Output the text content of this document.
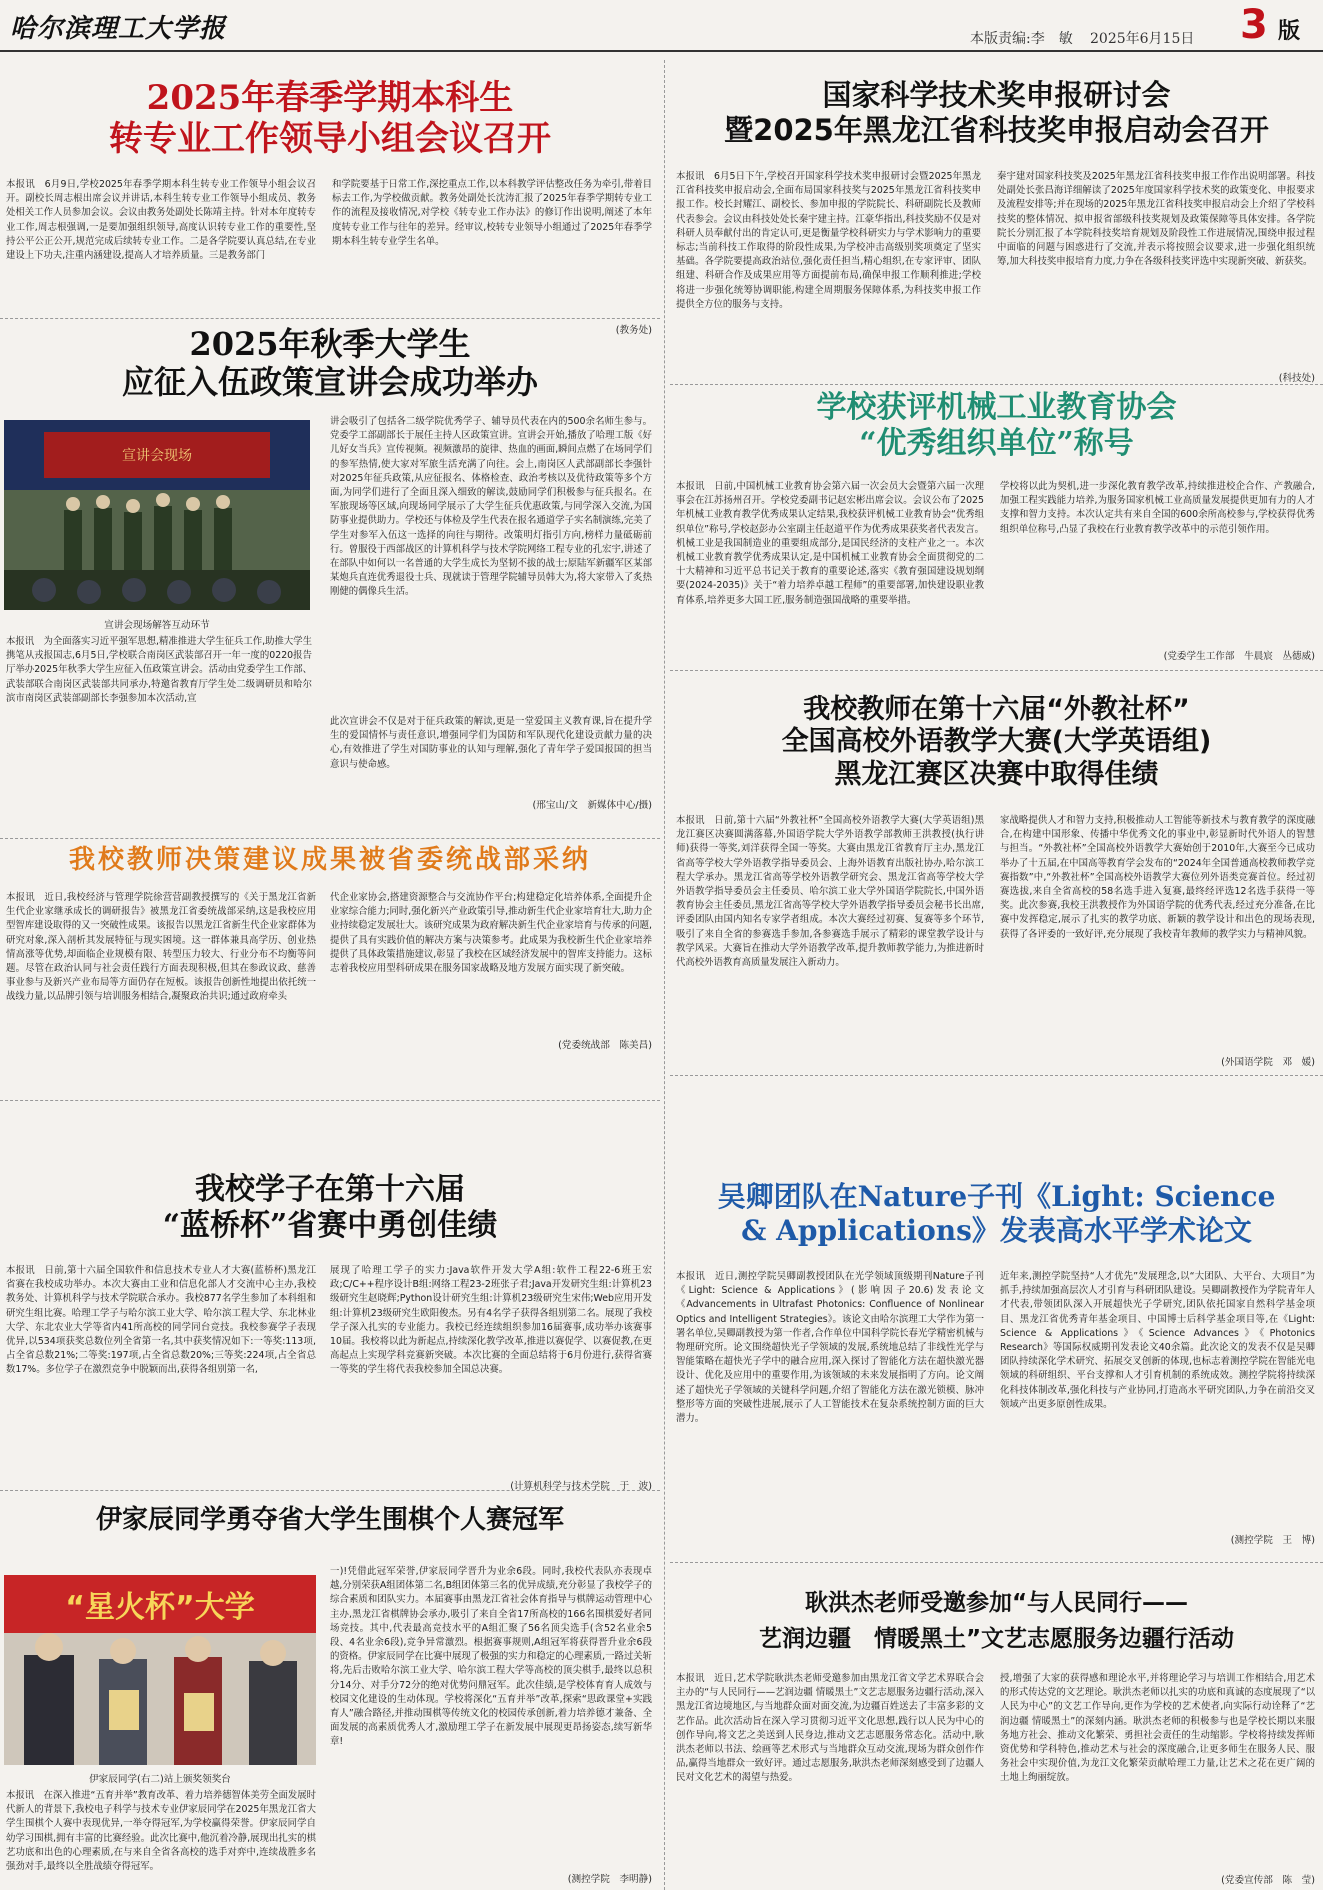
哈尔滨理工大学报	本版责编:李　敏 2025年6月15日 3 版
2025年春季学期本科生
转专业工作领导小组会议召开
本报讯　6月9日,学校2025年春季学期本科生转专业工作领导小组会议召开。副校长周志根出席会议并讲话,本科生转专业工作领导小组成员、教务处相关工作人员参加会议。会议由教务处副处长陈靖主持。针对本年度转专业工作,周志根强调,一是要加强组织领导,高度认识转专业工作的重要性,坚持公平公正公开,规范完成后续转专业工作。二是各学院要认真总结,在专业建设上下功夫,注重内涵建设,提高人才培养质量。三是教务部门
和学院要基于日常工作,深挖重点工作,以本科教学评估整改任务为牵引,带着目标去工作,为学校做贡献。教务处副处长沈涛汇报了2025年春季学期转专业工作的流程及接收情况,对学校《转专业工作办法》的修订作出说明,阐述了本年度转专业工作与往年的差异。经审议,校转专业领导小组通过了2025年春季学期本科生转专业学生名单。
(教务处)
国家科学技术奖申报研讨会
暨2025年黑龙江省科技奖申报启动会召开
本报讯　6月5日下午,学校召开国家科学技术奖申报研讨会暨2025年黑龙江省科技奖申报启动会,全面布局国家科技奖与2025年黑龙江省科技奖申报工作。校长封耀江、副校长、参加申报的学院院长、科研副院长及教师代表参会。会议由科技处处长秦宇建主持。江豪华指出,科技奖励不仅是对科研人员奉献付出的肯定认可,更是衡量学校科研实力与学术影响力的重要标志;当前科技工作取得的阶段性成果,为学校冲击高级别奖项奠定了坚实基础。各学院要提高政治站位,强化责任担当,精心组织,在专家评审、团队组建、科研合作及成果应用等方面提前布局,确保申报工作顺利推进;学校将进一步强化统筹协调职能,构建全周期服务保障体系,为科技奖申报工作提供全方位的服务与支持。
秦宇建对国家科技奖及2025年黑龙江省科技奖申报工作作出说明部署。科技处副处长张昌海详细解读了2025年度国家科学技术奖的政策变化、申报要求及流程安排等;并在现场的2025年黑龙江省科技奖申报启动会上介绍了学校科技奖的整体情况、拟申报省部级科技奖规划及政策保障等具体安排。各学院院长分别汇报了本学院科技奖培育规划及阶段性工作进展情况,围绕申报过程中面临的问题与困惑进行了交流,并表示将按照会议要求,进一步强化组织统筹,加大科技奖申报培育力度,力争在各级科技奖评选中实现新突破、新获奖。
(科技处)
2025年秋季大学生
应征入伍政策宣讲会成功举办
宣讲会现场
宣讲会现场解答互动环节
本报讯　为全面落实习近平强军思想,精准推进大学生征兵工作,助推大学生携笔从戎报国志,6月5日,学校联合南岗区武装部召开一年一度的0220报告厅举办2025年秋季大学生应征入伍政策宣讲会。活动由党委学生工作部、武装部联合南岗区武装部共同承办,特邀省教育厅学生处二级调研员和哈尔滨市南岗区武装部副部长李强参加本次活动,宣
讲会吸引了包括各二级学院优秀学子、辅导员代表在内的500余名师生参与。党委学工部副部长于展任主持人区政策宣讲。宣讲会开始,播放了哈理工版《好儿好女当兵》宣传视频。视频激昂的旋律、热血的画面,瞬间点燃了在场同学们的参军热情,使大家对军旅生活充满了向往。会上,南岗区人武部副部长李强针对2025年征兵政策,从应征报名、体格检查、政治考核以及优待政策等多个方面,为同学们进行了全面且深入细致的解读,鼓励同学们积极参与征兵报名。在军旅现场等区域,向现场同学展示了大学生征兵优惠政策,与同学深入交流,为国防事业提供助力。学校还与体检及学生代表在报名通道学子实名制演练,完美了学生对参军入伍这一选择的向往与期待。改策明灯指引方向,榜样力量砥砺前行。曾服役于西部战区的计算机科学与技术学院网络工程专业的孔宏宇,讲述了在部队中如何以一名普通的大学生成长为坚韧不拔的战士;原陆军新疆军区某部某炮兵直连优秀退役士兵、现就读于管理学院辅导员韩大为,将大家带入了炙热刚健的偶像兵生活。
此次宣讲会不仅是对于征兵政策的解读,更是一堂爱国主义教育课,旨在提升学生的爱国情怀与责任意识,增强同学们为国防和军队现代化建设贡献力量的决心,有效推进了学生对国防事业的认知与理解,强化了青年学子爱国报国的担当意识与使命感。
(邢宝山/文　新媒体中心/摄)
学校获评机械工业教育协会
“优秀组织单位”称号
本报讯　日前,中国机械工业教育协会第六届一次会员大会暨第六届一次理事会在江苏扬州召开。学校党委副书记赵宏彬出席会议。会议公布了2025年机械工业教育教学优秀成果认定结果,我校获评机械工业教育协会“优秀组织单位”称号,学校赵彭办公室副主任赵道平作为优秀成果获奖者代表发言。机械工业是我国制造业的重要组成部分,是国民经济的支柱产业之一。本次机械工业教育教学优秀成果认定,是中国机械工业教育协会全面贯彻党的二十大精神和习近平总书记关于教育的重要论述,落实《教育强国建设规划纲要(2024-2035)》关于“着力培养卓越工程师”的重要部署,加快建设职业教育体系,培养更多大国工匠,服务制造强国战略的重要举措。
学校将以此为契机,进一步深化教育教学改革,持续推进校企合作、产教融合,加强工程实践能力培养,为服务国家机械工业高质量发展提供更加有力的人才支撑和智力支持。本次认定共有来自全国的600余所高校参与,学校获得优秀组织单位称号,凸显了我校在行业教育教学改革中的示范引领作用。
(党委学生工作部　牛晨宸　丛德威)
我校教师决策建议成果被省委统战部采纳
本报讯　近日,我校经济与管理学院徐营营副教授撰写的《关于黑龙江省新生代企业家继承成长的调研报告》被黑龙江省委统战部采纳,这是我校应用型智库建设取得的又一突破性成果。该报告以黑龙江省新生代企业家群体为研究对象,深入剖析其发展特征与现实困境。这一群体兼具高学历、创业热情高涨等优势,却面临企业规模有限、转型压力较大、行业分布不均衡等问题。尽管在政治认同与社会责任践行方面表现积极,但其在参政议政、慈善事业参与及新兴产业布局等方面仍存在短板。该报告创新性地提出依托统一战线力量,以品牌引领与培训服务相结合,凝聚政治共识;通过政府牵头
代企业家协会,搭建资源整合与交流协作平台;构建稳定化培养体系,全面提升企业家综合能力;同时,强化新兴产业政策引导,推动新生代企业家培育壮大,助力企业持续稳定发展壮大。该研究成果为政府解决新生代企业家培育与传承的问题,提供了具有实践价值的解决方案与决策参考。此成果为我校新生代企业家培养提供了具体政策措施建议,彰显了我校在区域经济发展中的智库支持能力。这标志着我校应用型科研成果在服务国家战略及地方发展方面实现了新突破。
(党委统战部　陈美昌)
我校教师在第十六届“外教社杯”
全国高校外语教学大赛(大学英语组)
黑龙江赛区决赛中取得佳绩
本报讯　日前,第十六届“外教社杯”全国高校外语教学大赛(大学英语组)黑龙江赛区决赛圆满落幕,外国语学院大学外语教学部教师王洪教授(执行讲师)获得一等奖,刘洋获得全国一等奖。大赛由黑龙江省教育厅主办,黑龙江省高等学校大学外语教学指导委员会、上海外语教育出版社协办,哈尔滨工程大学承办。黑龙江省高等学校外语教学研究会、黑龙江省高等学校大学外语教学指导委员会主任委员、哈尔滨工业大学外国语学院院长,中国外语教育协会主任委员,黑龙江省高等学校大学外语教学指导委员会秘书长出席,评委团队由国内知名专家学者组成。本次大赛经过初赛、复赛等多个环节,吸引了来自全省的参赛选手参加,各参赛选手展示了精彩的课堂教学设计与教学风采。大赛旨在推动大学外语教学改革,提升教师教学能力,为推进新时代高校外语教育高质量发展注入新动力。
家战略提供人才和智力支持,积极推动人工智能等新技术与教育教学的深度融合,在构建中国形象、传播中华优秀文化的事业中,彰显新时代外语人的智慧与担当。“外教社杯”全国高校外语教学大赛始创于2010年,大赛至今已成功举办了十五届,在中国高等教育学会发布的“2024年全国普通高校教师教学竞赛指数”中,“外教社杯”全国高校外语教学大赛位列外语类竞赛首位。经过初赛选拔,来自全省高校的58名选手进入复赛,最终经评选12名选手获得一等奖。此次参赛,我校王洪教授作为外国语学院的优秀代表,经过充分准备,在比赛中发挥稳定,展示了扎实的教学功底、新颖的教学设计和出色的现场表现,获得了各评委的一致好评,充分展现了我校青年教师的教学实力与精神风貌。
(外国语学院　邓　媛)
我校学子在第十六届
“蓝桥杯”省赛中勇创佳绩
本报讯　日前,第十六届全国软件和信息技术专业人才大赛(蓝桥杯)黑龙江省赛在我校成功举办。本次大赛由工业和信息化部人才交流中心主办,我校教务处、计算机科学与技术学院联合承办。我校877名学生参加了本科组和研究生组比赛。哈理工学子与哈尔滨工业大学、哈尔滨工程大学、东北林业大学、东北农业大学等省内41所高校的同学同台竞技。我校参赛学子表现优异,以534项获奖总数位列全省第一名,其中获奖情况如下:一等奖:113项,占全省总数21%;二等奖:197项,占全省总数20%;三等奖:224项,占全省总数17%。多位学子在激烈竞争中脱颖而出,获得各组别第一名,
展现了哈理工学子的实力:Java软件开发大学A组:软件工程22-6班王宏政;C/C++程序设计B组:网络工程23-2班张子君;Java开发研究生组:计算机23级研究生赵晓辉;Python设计研究生组:计算机23级研究生宋伟;Web应用开发组:计算机23级研究生欧阳俊杰。另有4名学子获得各组别第二名。展现了我校学子深入扎实的专业能力。我校已经连续组织参加16届赛事,成功举办该赛事10届。我校将以此为新起点,持续深化教学改革,推进以赛促学、以赛促教,在更高起点上实现学科竞赛新突破。本次比赛的全面总结将于6月份进行,获得省赛一等奖的学生将代表我校参加全国总决赛。
(计算机科学与技术学院　于　波)
吴卿团队在Nature子刊《Light: Science
& Applications》发表高水平学术论文
本报讯　近日,测控学院吴卿副教授团队在光学领域顶级期刊Nature子刊《Light: Science & Applications》(影响因子20.6)发表论文《Advancements in Ultrafast Photonics: Confluence of Nonlinear Optics and Intelligent Strategies》。该论文由哈尔滨理工大学作为第一署名单位,吴卿副教授为第一作者,合作单位中国科学院长春光学精密机械与物理研究所。论文围绕超快光子学领域的发展,系统地总结了非线性光学与智能策略在超快光子学中的融合应用,深入探讨了智能化方法在超快激光器设计、优化及应用中的重要作用,为该领域的未来发展指明了方向。论文阐述了超快光子学领域的关键科学问题,介绍了智能化方法在激光锁模、脉冲整形等方面的突破性进展,展示了人工智能技术在复杂系统控制方面的巨大潜力。
近年来,测控学院坚持“人才优先”发展理念,以“大团队、大平台、大项目”为抓手,持续加强高层次人才引育与科研团队建设。吴卿副教授作为学院青年人才代表,带领团队深入开展超快光子学研究,团队依托国家自然科学基金项目、黑龙江省优秀青年基金项目、中国博士后科学基金项目等,在《Light: Science & Applications》《Science Advances》《Photonics Research》等国际权威期刊发表论文40余篇。此次论文的发表不仅是吴卿团队持续深化学术研究、拓展交叉创新的体现,也标志着测控学院在智能光电领域的科研组织、平台支撑和人才引育机制的系统成效。测控学院将持续深化科技体制改革,强化科技与产业协同,打造高水平研究团队,力争在前沿交叉领域产出更多原创性成果。
(测控学院　王　博)
伊家辰同学勇夺省大学生围棋个人赛冠军
“星火杯”大学
伊家辰同学(右二)站上颁奖领奖台
本报讯　在深入推进“五育并举”教育改革、着力培养德智体美劳全面发展时代新人的背景下,我校电子科学与技术专业伊家辰同学在2025年黑龙江省大学生围棋个人赛中表现优异,一举夺得冠军,为学校赢得荣誉。伊家辰同学自幼学习围棋,拥有丰富的比赛经验。此次比赛中,他沉着冷静,展现出扎实的棋艺功底和出色的心理素质,在与来自全省各高校的选手对弈中,连续战胜多名强劲对手,最终以全胜战绩夺得冠军。
一)!凭借此冠军荣誉,伊家辰同学晋升为业余6段。同时,我校代表队亦表现卓越,分别荣获A组团体第二名,B组团体第三名的优异成绩,充分彰显了我校学子的综合素质和团队实力。本届赛事由黑龙江省社会体育指导与棋牌运动管理中心主办,黑龙江省棋牌协会承办,吸引了来自全省17所高校的166名围棋爱好者同场竞技。其中,代表最高竞技水平的A组汇聚了56名顶尖选手(含52名业余5段、4名业余6段),竞争异常激烈。根据赛事规则,A组冠军将获得晋升业余6段的资格。伊家辰同学在比赛中展现了极强的实力和稳定的心理素质,一路过关斩将,先后击败哈尔滨工业大学、哈尔滨工程大学等高校的顶尖棋手,最终以总积分14分、对手分72分的绝对优势问鼎冠军。此次佳绩,是学校体育育人成效与校园文化建设的生动体现。学校将深化“五育并举”改革,探索“思政课堂+实践育人”融合路径,并推动围棋等传统文化的校园传承创新,着力培养德才兼备、全面发展的高素质优秀人才,激励理工学子在新发展中展现更昂扬姿态,续写新华章!
(测控学院　李明静)
耿洪杰老师受邀参加“与人民同行——
艺润边疆　情暖黑土”文艺志愿服务边疆行活动
本报讯　近日,艺术学院耿洪杰老师受邀参加由黑龙江省文学艺术界联合会主办的“与人民同行——艺润边疆 情暖黑土”文艺志愿服务边疆行活动,深入黑龙江省边境地区,与当地群众面对面交流,为边疆百姓送去了丰富多彩的文艺作品。此次活动旨在深入学习贯彻习近平文化思想,践行以人民为中心的创作导向,将文艺之美送到人民身边,推动文艺志愿服务常态化。活动中,耿洪杰老师以书法、绘画等艺术形式与当地群众互动交流,现场为群众创作作品,赢得当地群众一致好评。通过志愿服务,耿洪杰老师深刻感受到了边疆人民对文化艺术的渴望与热爱。
授,增强了大家的获得感和理论水平,并将理论学习与培训工作相结合,用艺术的形式传达党的文艺理论。耿洪杰老师以扎实的功底和真诚的态度展现了“以人民为中心”的文艺工作导向,更作为学校的艺术使者,向实际行动诠释了“艺润边疆 情暖黑土”的深刻内涵。耿洪杰老师的积极参与也是学校长期以来服务地方社会、推动文化繁荣、勇担社会责任的生动缩影。学校将持续发挥师资优势和学科特色,推动艺术与社会的深度融合,让更多师生在服务人民、服务社会中实现价值,为龙江文化繁荣贡献哈理工力量,让艺术之花在更广阔的土地上绚丽绽放。
(党委宣传部　陈　莹)
